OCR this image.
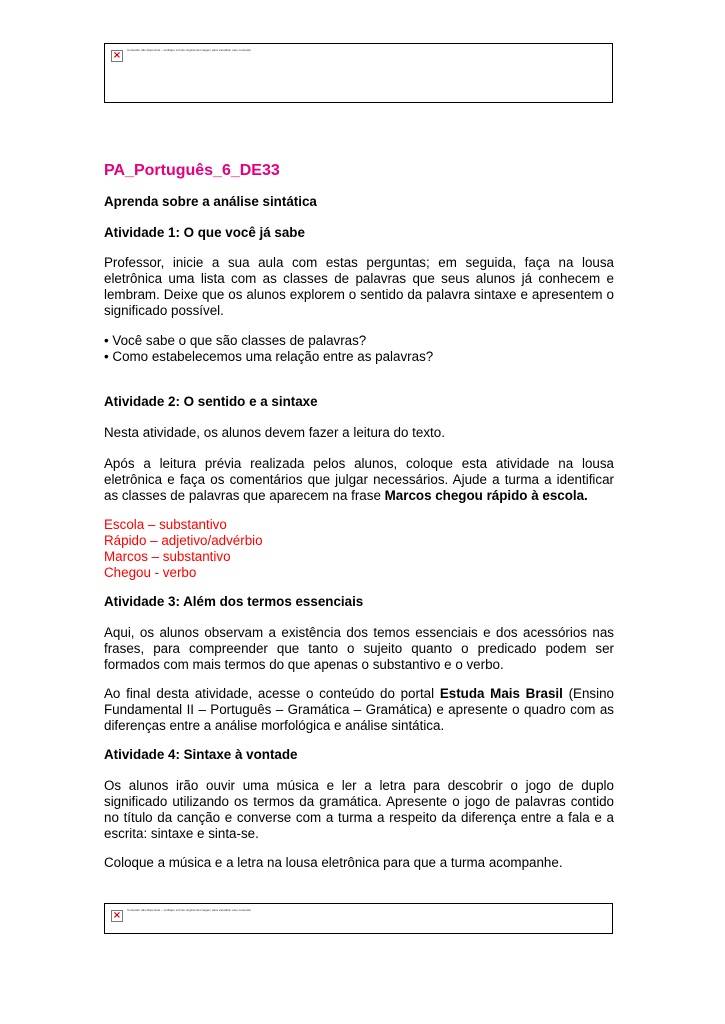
× Conteúdo não disponível – verifique a fonte original da imagem para visualizar este conteúdo
PA_Português_6_DE33
Aprenda sobre a análise sintática
Atividade 1: O que você já sabe
Professor, inicie a sua aula com estas perguntas; em seguida, faça na lousa eletrônica uma lista com as classes de palavras que seus alunos já conhecem e lembram. Deixe que os alunos explorem o sentido da palavra sintaxe e apresentem o significado possível.
• Você sabe o que são classes de palavras?
• Como estabelecemos uma relação entre as palavras?
Atividade 2: O sentido e a sintaxe
Nesta atividade, os alunos devem fazer a leitura do texto.
Após a leitura prévia realizada pelos alunos, coloque esta atividade na lousa eletrônica e faça os comentários que julgar necessários. Ajude a turma a identificar as classes de palavras que aparecem na frase Marcos chegou rápido à escola.
Escola – substantivo
Rápido – adjetivo/advérbio
Marcos – substantivo
Chegou - verbo
Atividade 3: Além dos termos essenciais
Aqui, os alunos observam a existência dos temos essenciais e dos acessórios nas frases, para compreender que tanto o sujeito quanto o predicado podem ser formados com mais termos do que apenas o substantivo e o verbo.
Ao final desta atividade, acesse o conteúdo do portal Estuda Mais Brasil (Ensino Fundamental II – Português – Gramática – Gramática) e apresente o quadro com as diferenças entre a análise morfológica e análise sintática.
Atividade 4: Sintaxe à vontade
Os alunos irão ouvir uma música e ler a letra para descobrir o jogo de duplo significado utilizando os termos da gramática. Apresente o jogo de palavras contido no título da canção e converse com a turma a respeito da diferença entre a fala e a escrita: sintaxe e sinta-se.
Coloque a música e a letra na lousa eletrônica para que a turma acompanhe.
× Conteúdo não disponível – verifique a fonte original da imagem para visualizar este conteúdo
